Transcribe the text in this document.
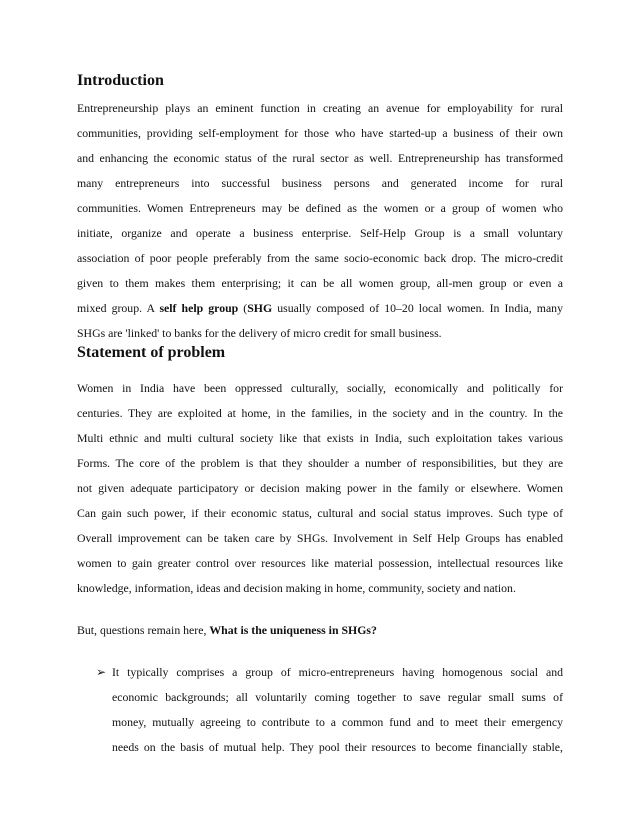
Introduction
Entrepreneurship plays an eminent function in creating an avenue for employability for rural
communities, providing self-employment for those who have started-up a business of their own
and enhancing the economic status of the rural sector as well. Entrepreneurship has transformed
many entrepreneurs into successful business persons and generated income for rural
communities. Women Entrepreneurs may be defined as the women or a group of women who
initiate, organize and operate a business enterprise. Self-Help Group is a small voluntary
association of poor people preferably from the same socio-economic back drop. The micro-credit
given to them makes them enterprising; it can be all women group, all-men group or even a
mixed group. A self help group (SHG usually composed of 10–20 local women. In India, many
SHGs are 'linked' to banks for the delivery of micro credit for small business.
Statement of problem
Women in India have been oppressed culturally, socially, economically and politically for
centuries. They are exploited at home, in the families, in the society and in the country. In the
Multi ethnic and multi cultural society like that exists in India, such exploitation takes various
Forms. The core of the problem is that they shoulder a number of responsibilities, but they are
not given adequate participatory or decision making power in the family or elsewhere. Women
Can gain such power, if their economic status, cultural and social status improves. Such type of
Overall improvement can be taken care by SHGs. Involvement in Self Help Groups has enabled
women to gain greater control over resources like material possession, intellectual resources like
knowledge, information, ideas and decision making in home, community, society and nation.
But, questions remain here, What is the uniqueness in SHGs?
➢ It typically comprises a group of micro-entrepreneurs having homogenous social and
economic backgrounds; all voluntarily coming together to save regular small sums of
money, mutually agreeing to contribute to a common fund and to meet their emergency
needs on the basis of mutual help. They pool their resources to become financially stable,
